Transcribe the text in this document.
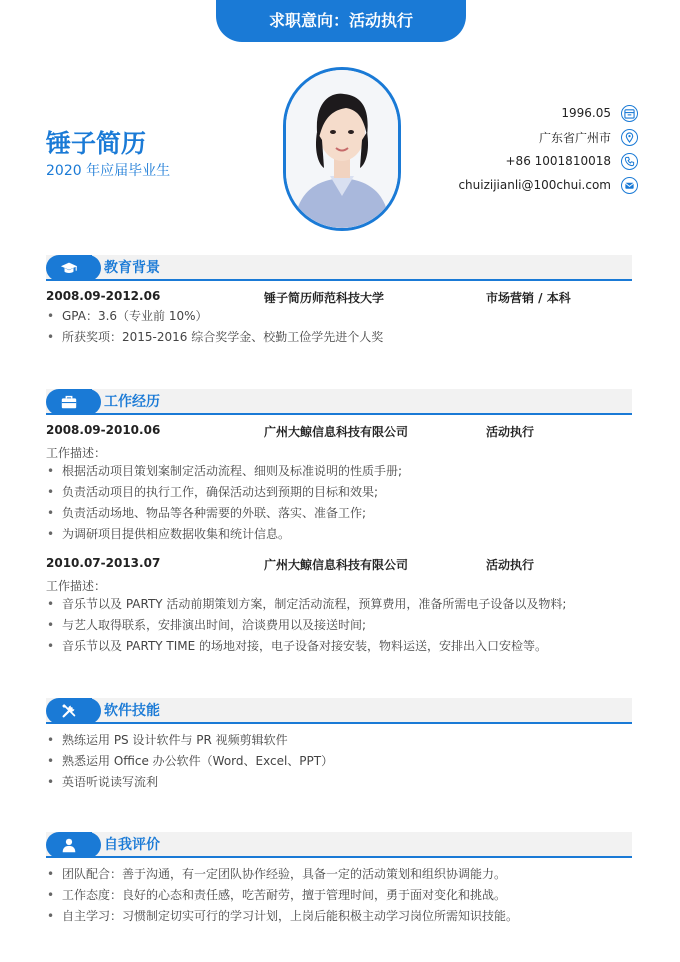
求职意向：活动执行
锤子简历
2020 年应届毕业生
1996.05
广东省广州市
+86 1001810018
chuizijianli@100chui.com
教育背景
2008.09-2012.06	锤子简历师范科技大学	市场营销 / 本科
• GPA：3.6（专业前 10%）
• 所获奖项：2015-2016 综合奖学金、校勤工俭学先进个人奖
工作经历
2008.09-2010.06	广州大鲸信息科技有限公司	活动执行
工作描述：
• 根据活动项目策划案制定活动流程、细则及标准说明的性质手册;
• 负责活动项目的执行工作，确保活动达到预期的目标和效果;
• 负责活动场地、物品等各种需要的外联、落实、准备工作;
• 为调研项目提供相应数据收集和统计信息。
2010.07-2013.07	广州大鲸信息科技有限公司	活动执行
工作描述：
• 音乐节以及 PARTY 活动前期策划方案，制定活动流程，预算费用，准备所需电子设备以及物料;
• 与艺人取得联系，安排演出时间，洽谈费用以及接送时间;
• 音乐节以及 PARTY TIME 的场地对接，电子设备对接安装，物料运送，安排出入口安检等。
软件技能
• 熟练运用 PS 设计软件与 PR 视频剪辑软件
• 熟悉运用 Office 办公软件（Word、Excel、PPT）
• 英语听说读写流利
自我评价
• 团队配合：善于沟通，有一定团队协作经验，具备一定的活动策划和组织协调能力。
• 工作态度：良好的心态和责任感，吃苦耐劳，擅于管理时间，勇于面对变化和挑战。
• 自主学习：习惯制定切实可行的学习计划，上岗后能积极主动学习岗位所需知识技能。
